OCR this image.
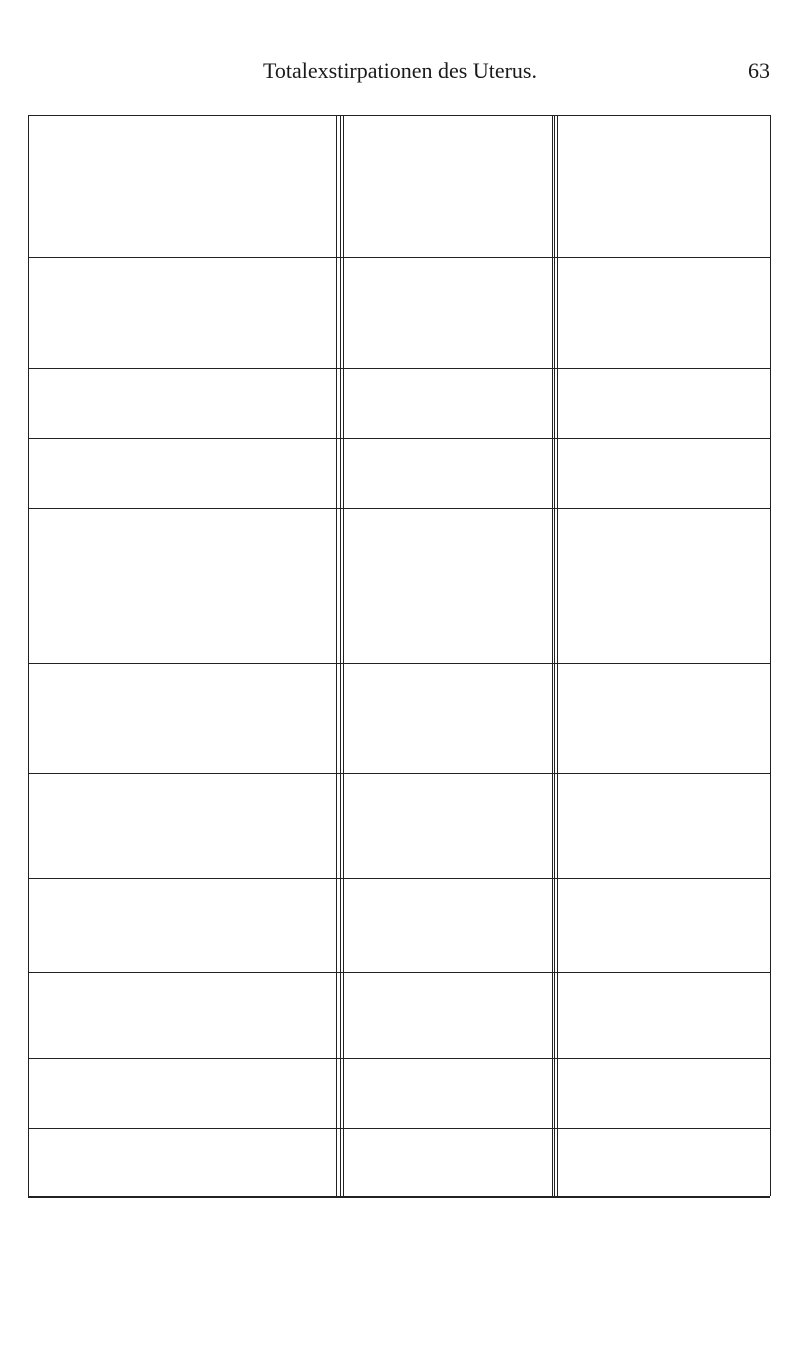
Totalexstirpationen des Uterus.	63
